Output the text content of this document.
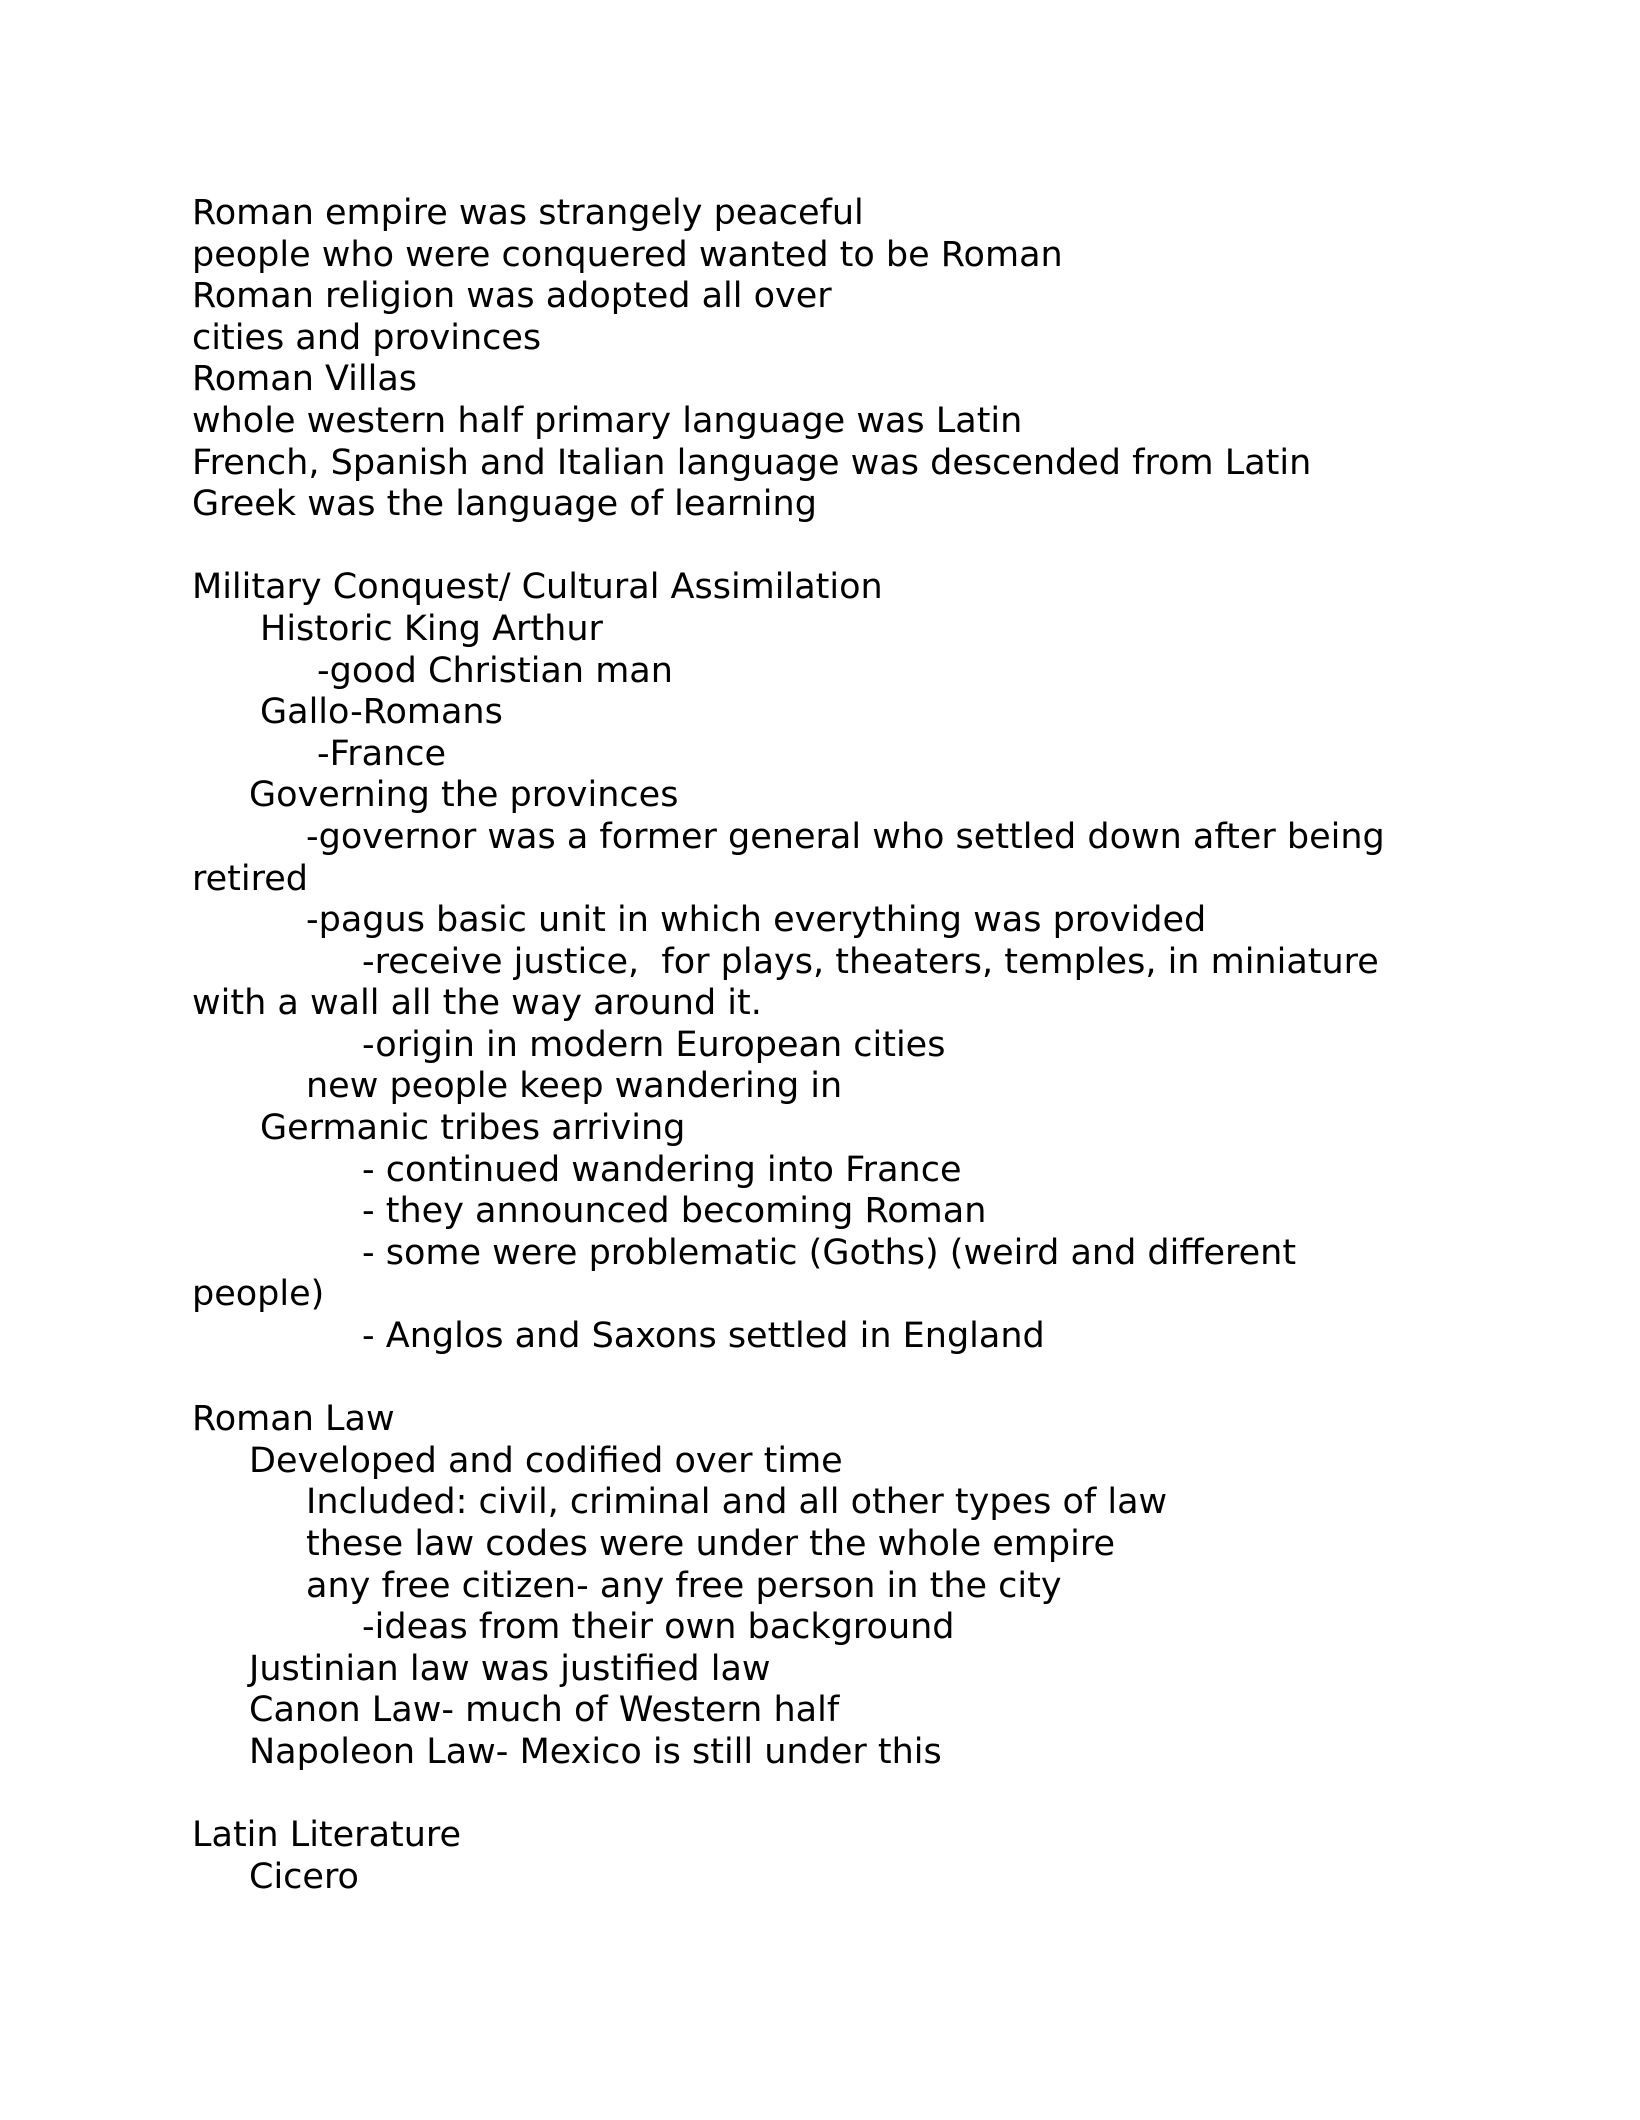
Roman empire was strangely peaceful
people who were conquered wanted to be Roman
Roman religion was adopted all over
cities and provinces
Roman Villas
whole western half primary language was Latin
French, Spanish and Italian language was descended from Latin
Greek was the language of learning
Military Conquest/ Cultural Assimilation
Historic King Arthur
-good Christian man
Gallo-Romans
-France
Governing the provinces
-governor was a former general who settled down after being
retired
-pagus basic unit in which everything was provided
-receive justice,  for plays, theaters, temples, in miniature
with a wall all the way around it.
-origin in modern European cities
new people keep wandering in
Germanic tribes arriving
- continued wandering into France
- they announced becoming Roman
- some were problematic (Goths) (weird and different
people)
- Anglos and Saxons settled in England
Roman Law
Developed and codified over time
Included: civil, criminal and all other types of law
these law codes were under the whole empire
any free citizen- any free person in the city
-ideas from their own background
Justinian law was justified law
Canon Law- much of Western half
Napoleon Law- Mexico is still under this
Latin Literature
Cicero
